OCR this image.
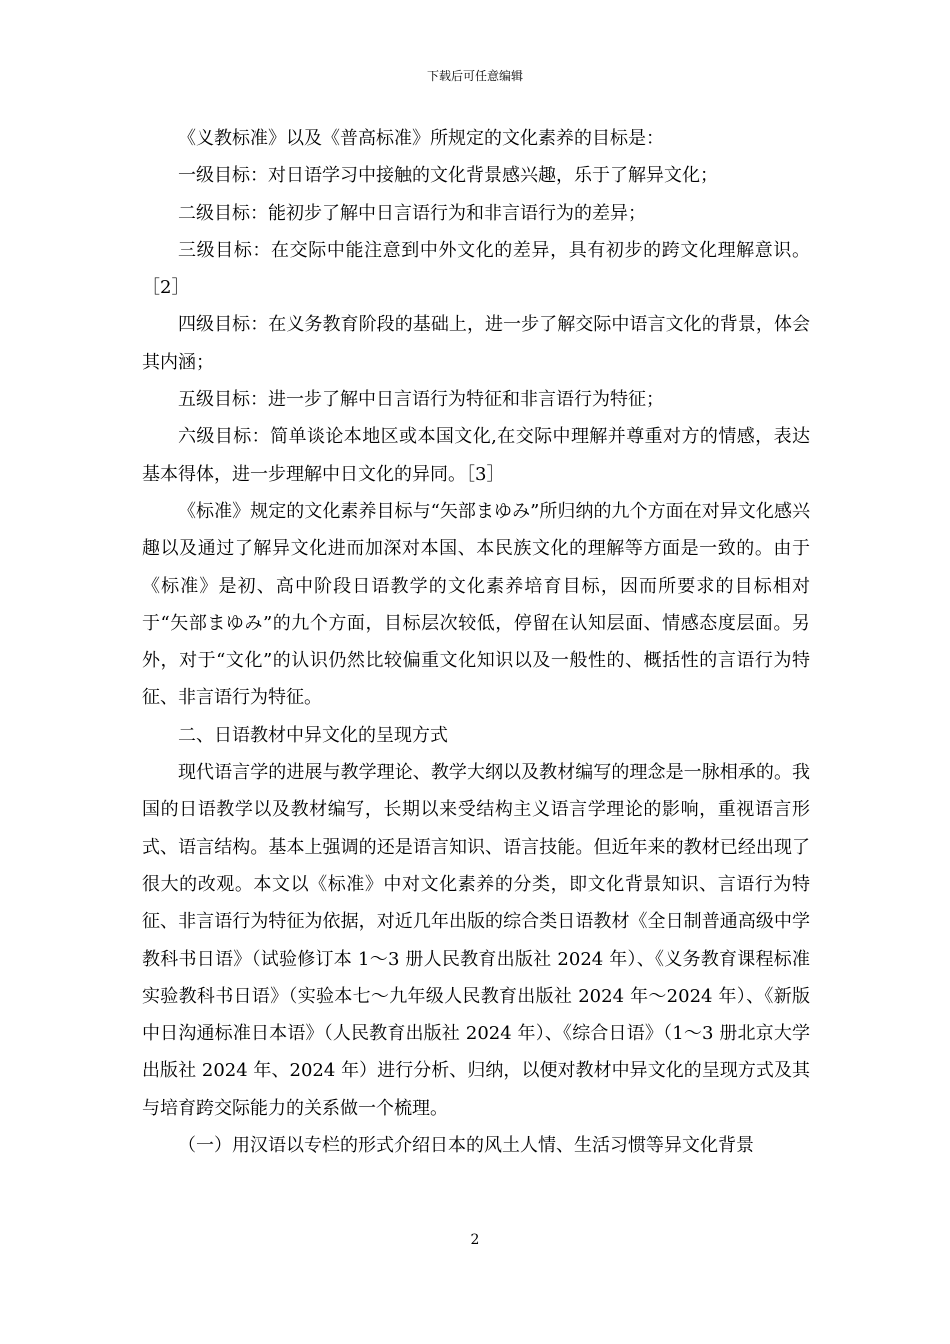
下载后可任意编辑

《义教标准》以及《普高标准》所规定的文化素养的目标是：

一级目标：对日语学习中接触的文化背景感兴趣，乐于了解异文化；

二级目标：能初步了解中日言语行为和非言语行为的差异；

三级目标：在交际中能注意到中外文化的差异，具有初步的跨文化理解意识。［2］

四级目标：在义务教育阶段的基础上，进一步了解交际中语言文化的背景，体会其内涵；

五级目标：进一步了解中日言语行为特征和非言语行为特征；

六级目标：简单谈论本地区或本国文化,在交际中理解并尊重对方的情感，表达基本得体，进一步理解中日文化的异同。［3］

《标准》规定的文化素养目标与“矢部まゆみ”所归纳的九个方面在对异文化感兴趣以及通过了解异文化进而加深对本国、本民族文化的理解等方面是一致的。由于《标准》是初、高中阶段日语教学的文化素养培育目标，因而所要求的目标相对于“矢部まゆみ”的九个方面，目标层次较低，停留在认知层面、情感态度层面。另外，对于“文化”的认识仍然比较偏重文化知识以及一般性的、概括性的言语行为特征、非言语行为特征。

二、日语教材中异文化的呈现方式

现代语言学的进展与教学理论、教学大纲以及教材编写的理念是一脉相承的。我国的日语教学以及教材编写，长期以来受结构主义语言学理论的影响，重视语言形式、语言结构。基本上强调的还是语言知识、语言技能。但近年来的教材已经出现了很大的改观。本文以《标准》中对文化素养的分类，即文化背景知识、言语行为特征、非言语行为特征为依据，对近几年出版的综合类日语教材《全日制普通高级中学教科书日语》（试验修订本 1～3 册人民教育出版社 2024 年）、《义务教育课程标准实验教科书日语》（实验本七～九年级人民教育出版社 2024 年～2024 年）、《新版中日沟通标准日本语》（人民教育出版社 2024 年）、《综合日语》（1～3 册北京大学出版社 2024 年、2024 年）进行分析、归纳，以便对教材中异文化的呈现方式及其与培育跨交际能力的关系做一个梳理。

（一）用汉语以专栏的形式介绍日本的风土人情、生活习惯等异文化背景

2
